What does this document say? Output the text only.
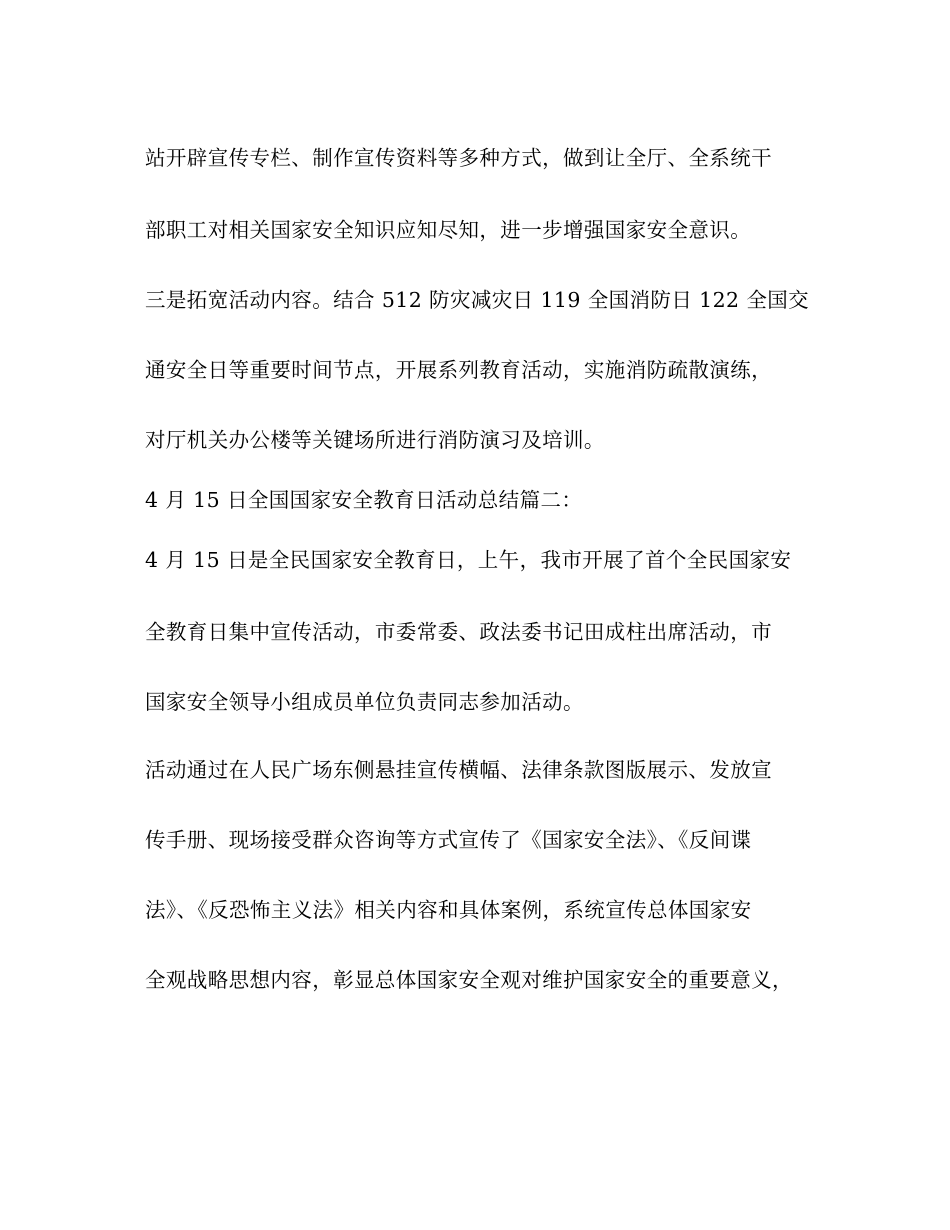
站开辟宣传专栏、制作宣传资料等多种方式，做到让全厅、全系统干
部职工对相关国家安全知识应知尽知，进一步增强国家安全意识。
三是拓宽活动内容。结合 512 防灾减灾日 119 全国消防日 122 全国交
通安全日等重要时间节点，开展系列教育活动，实施消防疏散演练，
对厅机关办公楼等关键场所进行消防演习及培训。
4 月 15 日全国国家安全教育日活动总结篇二：
4 月 15 日是全民国家安全教育日，上午，我市开展了首个全民国家安
全教育日集中宣传活动，市委常委、政法委书记田成柱出席活动，市
国家安全领导小组成员单位负责同志参加活动。
活动通过在人民广场东侧悬挂宣传横幅、法律条款图版展示、发放宣
传手册、现场接受群众咨询等方式宣传了《国家安全法》、《反间谍
法》、《反恐怖主义法》相关内容和具体案例，系统宣传总体国家安
全观战略思想内容，彰显总体国家安全观对维护国家安全的重要意义，
